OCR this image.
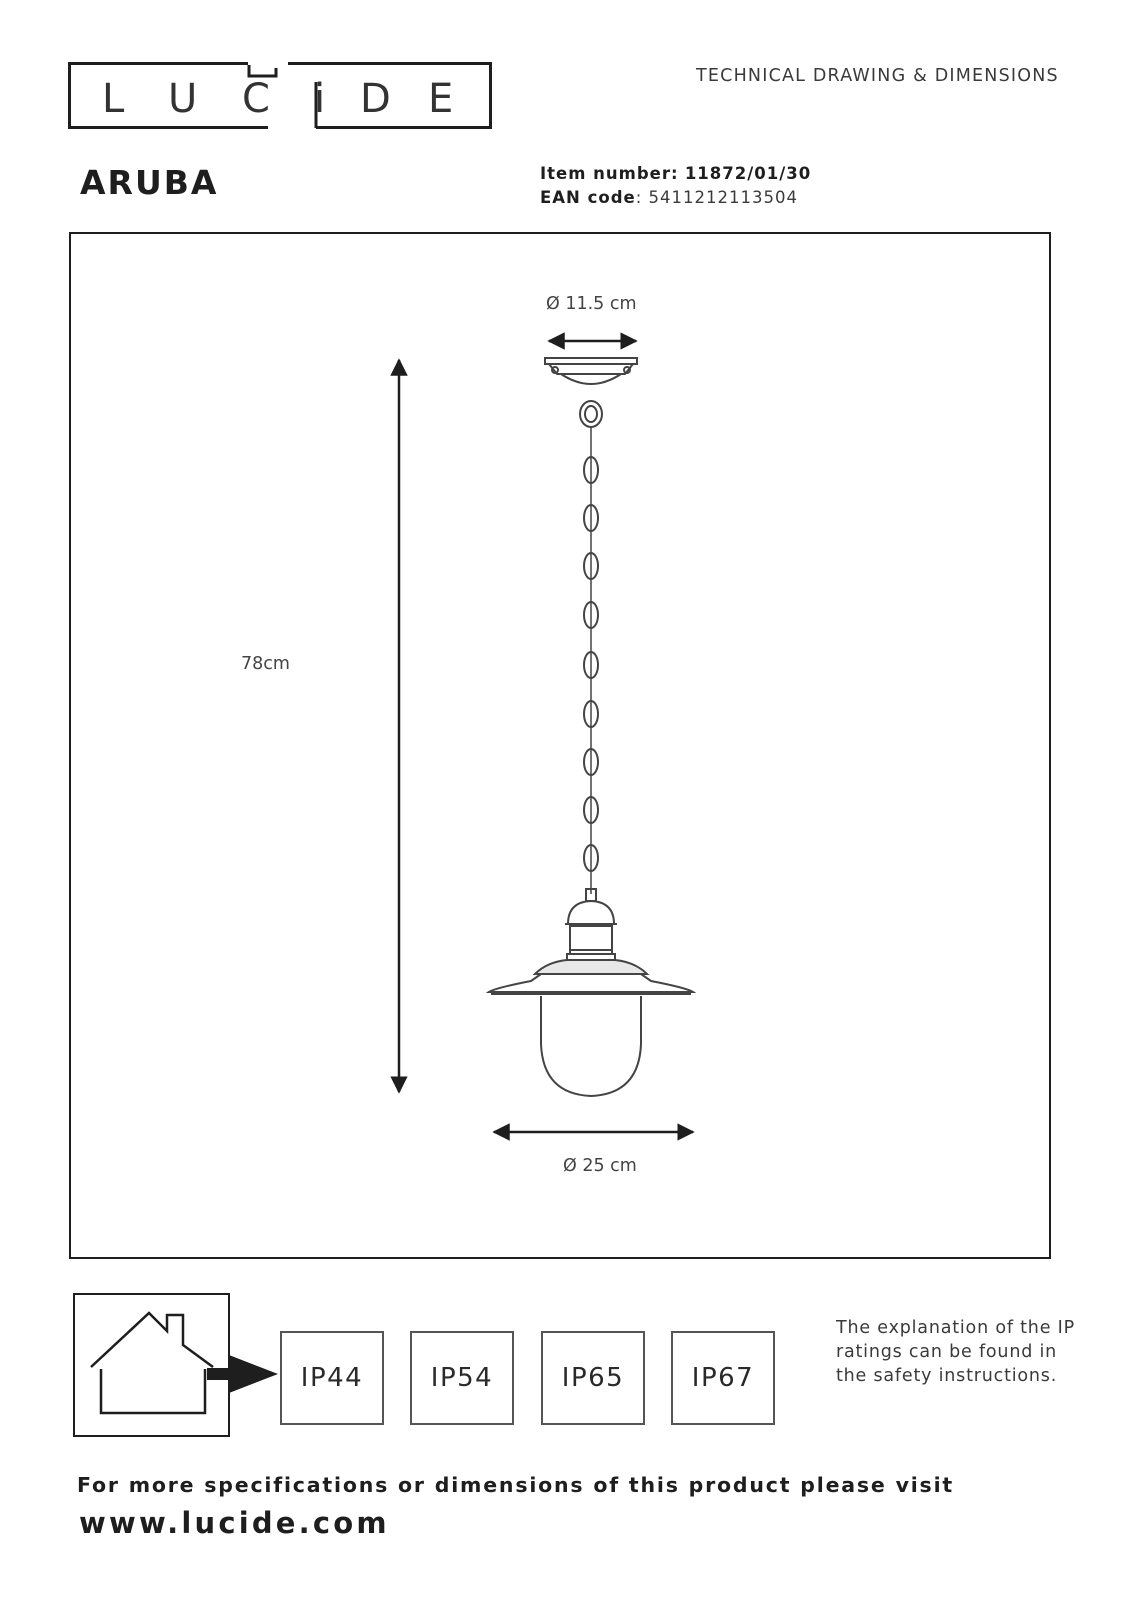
L U C i D E	TECHNICAL DRAWING & DIMENSIONS
ARUBA	Item number: 11872/01/30
EAN code: 5411212113504
Ø 11.5 cm
78cm
Ø 25 cm
IP44	IP54	IP65	IP67
The explanation of the IP ratings can be found in the safety instructions.
For more specifications or dimensions of this product please visit
www.lucide.com
